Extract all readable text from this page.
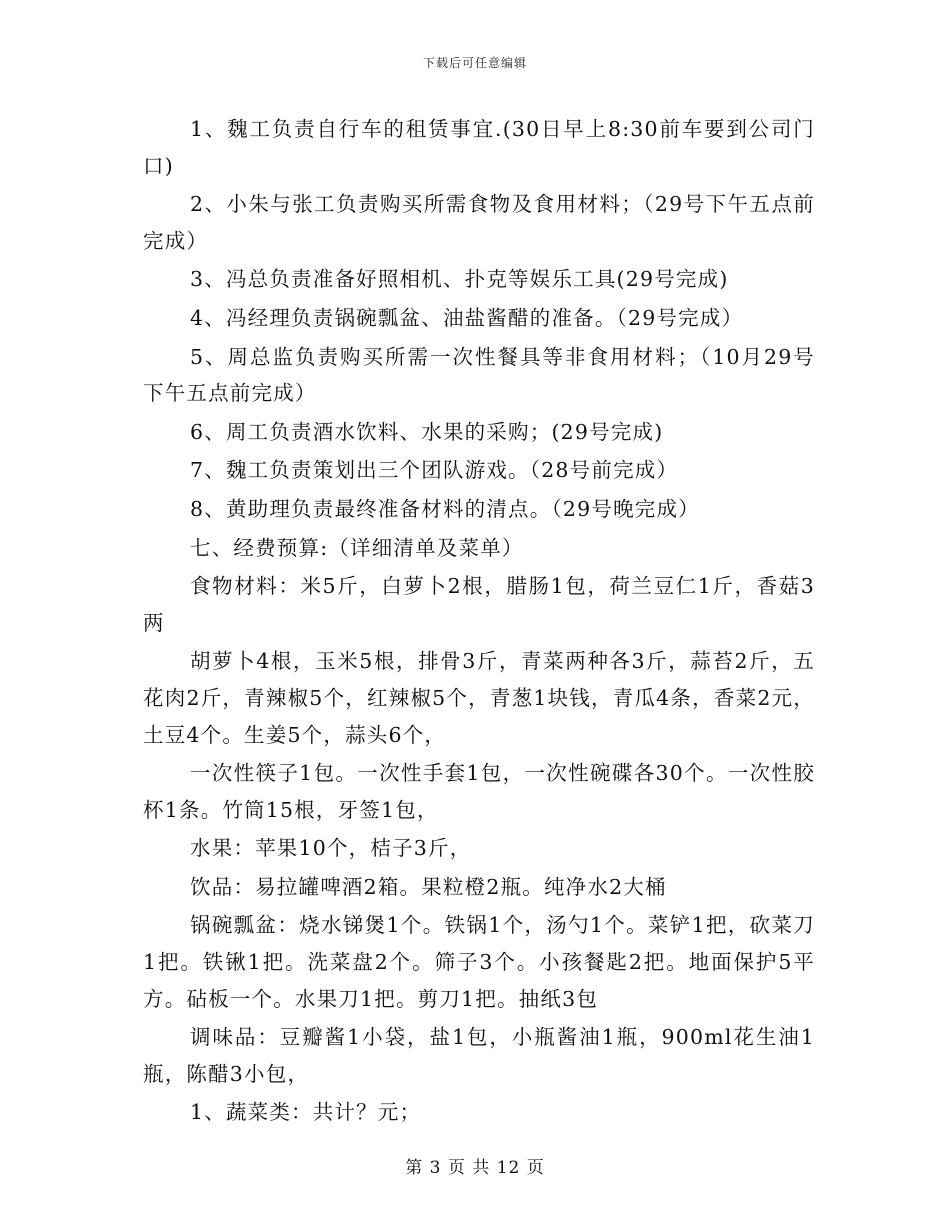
下载后可任意编辑

1、魏工负责自行车的租赁事宜.(30日早上8:30前车要到公司门口)

2、小朱与张工负责购买所需食物及食用材料；（29号下午五点前完成）

3、冯总负责准备好照相机、扑克等娱乐工具(29号完成)

4、冯经理负责锅碗瓢盆、油盐酱醋的准备。（29号完成）

5、周总监负责购买所需一次性餐具等非食用材料；（10月29号下午五点前完成）

6、周工负责酒水饮料、水果的采购；(29号完成)

7、魏工负责策划出三个团队游戏。（28号前完成）

8、黄助理负责最终准备材料的清点。（29号晚完成）

七、经费预算:（详细清单及菜单）

食物材料：米5斤，白萝卜2根，腊肠1包，荷兰豆仁1斤，香菇3两

胡萝卜4根，玉米5根，排骨3斤，青菜两种各3斤，蒜苔2斤，五花肉2斤，青辣椒5个，红辣椒5个，青葱1块钱，青瓜4条，香菜2元，土豆4个。生姜5个，蒜头6个，

一次性筷子1包。一次性手套1包，一次性碗碟各30个。一次性胶杯1条。竹筒15根，牙签1包，

水果：苹果10个，桔子3斤，

饮品：易拉罐啤酒2箱。果粒橙2瓶。纯净水2大桶

锅碗瓢盆：烧水锑煲1个。铁锅1个，汤勺1个。菜铲1把，砍菜刀1把。铁锹1把。洗菜盘2个。筛子3个。小孩餐匙2把。地面保护5平方。砧板一个。水果刀1把。剪刀1把。抽纸3包

调味品：豆瓣酱1小袋，盐1包，小瓶酱油1瓶，900ml花生油1瓶，陈醋3小包，

1、蔬菜类：共计？元；

第 3 页 共 12 页
